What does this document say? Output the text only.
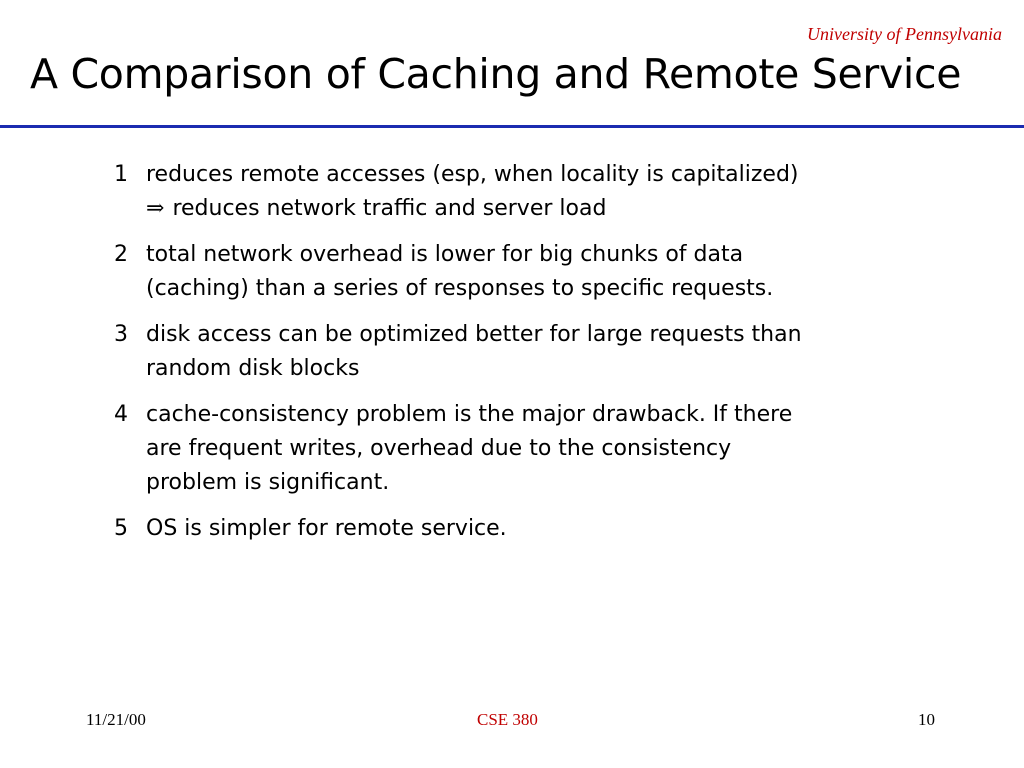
University of Pennsylvania
A Comparison of Caching and Remote Service
1 reduces remote accesses (esp, when locality is capitalized)
⇒ reduces network traffic and server load
2 total network overhead is lower for big chunks of data
(caching) than a series of responses to specific requests.
3 disk access can be optimized better for large requests than
random disk blocks
4 cache-consistency problem is the major drawback. If there
are frequent writes, overhead due to the consistency
problem is significant.
5 OS is simpler for remote service.
11/21/00	CSE 380	10
